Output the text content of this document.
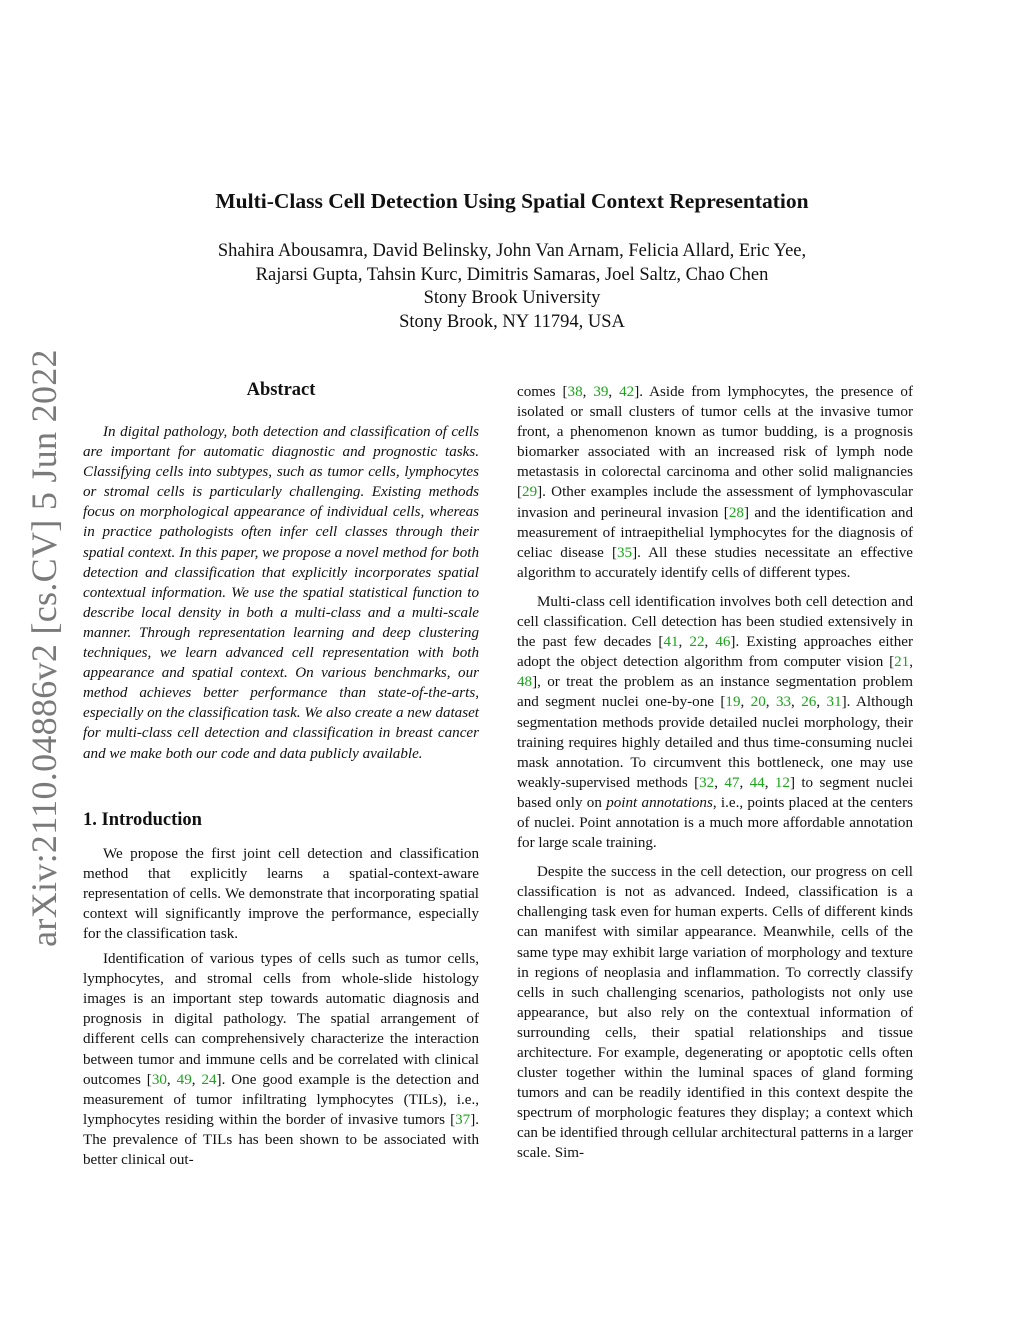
arXiv:2110.04886v2 [cs.CV] 5 Jun 2022
Multi-Class Cell Detection Using Spatial Context Representation
Shahira Abousamra, David Belinsky, John Van Arnam, Felicia Allard, Eric Yee,
Rajarsi Gupta, Tahsin Kurc, Dimitris Samaras, Joel Saltz, Chao Chen
Stony Brook University
Stony Brook, NY 11794, USA
Abstract

In digital pathology, both detection and classification of cells are important for automatic diagnostic and prognostic tasks. Classifying cells into subtypes, such as tumor cells, lymphocytes or stromal cells is particularly challenging. Existing methods focus on morphological appearance of individual cells, whereas in practice pathologists often infer cell classes through their spatial context. In this paper, we propose a novel method for both detection and classification that explicitly incorporates spatial contextual information. We use the spatial statistical function to describe local density in both a multi-class and a multi-scale manner. Through representation learning and deep clustering techniques, we learn advanced cell representation with both appearance and spatial context. On various benchmarks, our method achieves better performance than state-of-the-arts, especially on the classification task. We also create a new dataset for multi-class cell detection and classification in breast cancer and we make both our code and data publicly available.

1. Introduction

We propose the first joint cell detection and classification method that explicitly learns a spatial-context-aware representation of cells. We demonstrate that incorporating spatial context will significantly improve the performance, especially for the classification task.

Identification of various types of cells such as tumor cells, lymphocytes, and stromal cells from whole-slide histology images is an important step towards automatic diagnosis and prognosis in digital pathology. The spatial arrangement of different cells can comprehensively characterize the interaction between tumor and immune cells and be correlated with clinical outcomes [30, 49, 24]. One good example is the detection and measurement of tumor infiltrating lymphocytes (TILs), i.e., lymphocytes residing within the border of invasive tumors [37]. The prevalence of TILs has been shown to be associated with better clinical out-

comes [38, 39, 42]. Aside from lymphocytes, the presence of isolated or small clusters of tumor cells at the invasive tumor front, a phenomenon known as tumor budding, is a prognosis biomarker associated with an increased risk of lymph node metastasis in colorectal carcinoma and other solid malignancies [29]. Other examples include the assessment of lymphovascular invasion and perineural invasion [28] and the identification and measurement of intraepithelial lymphocytes for the diagnosis of celiac disease [35]. All these studies necessitate an effective algorithm to accurately identify cells of different types.

Multi-class cell identification involves both cell detection and cell classification. Cell detection has been studied extensively in the past few decades [41, 22, 46]. Existing approaches either adopt the object detection algorithm from computer vision [21, 48], or treat the problem as an instance segmentation problem and segment nuclei one-by-one [19, 20, 33, 26, 31]. Although segmentation methods provide detailed nuclei morphology, their training requires highly detailed and thus time-consuming nuclei mask annotation. To circumvent this bottleneck, one may use weakly-supervised methods [32, 47, 44, 12] to segment nuclei based only on point annotations, i.e., points placed at the centers of nuclei. Point annotation is a much more affordable annotation for large scale training.

Despite the success in the cell detection, our progress on cell classification is not as advanced. Indeed, classification is a challenging task even for human experts. Cells of different kinds can manifest with similar appearance. Meanwhile, cells of the same type may exhibit large variation of morphology and texture in regions of neoplasia and inflammation. To correctly classify cells in such challenging scenarios, pathologists not only use appearance, but also rely on the contextual information of surrounding cells, their spatial relationships and tissue architecture. For example, degenerating or apoptotic cells often cluster together within the luminal spaces of gland forming tumors and can be readily identified in this context despite the spectrum of morphologic features they display; a context which can be identified through cellular architectural patterns in a larger scale. Sim-
